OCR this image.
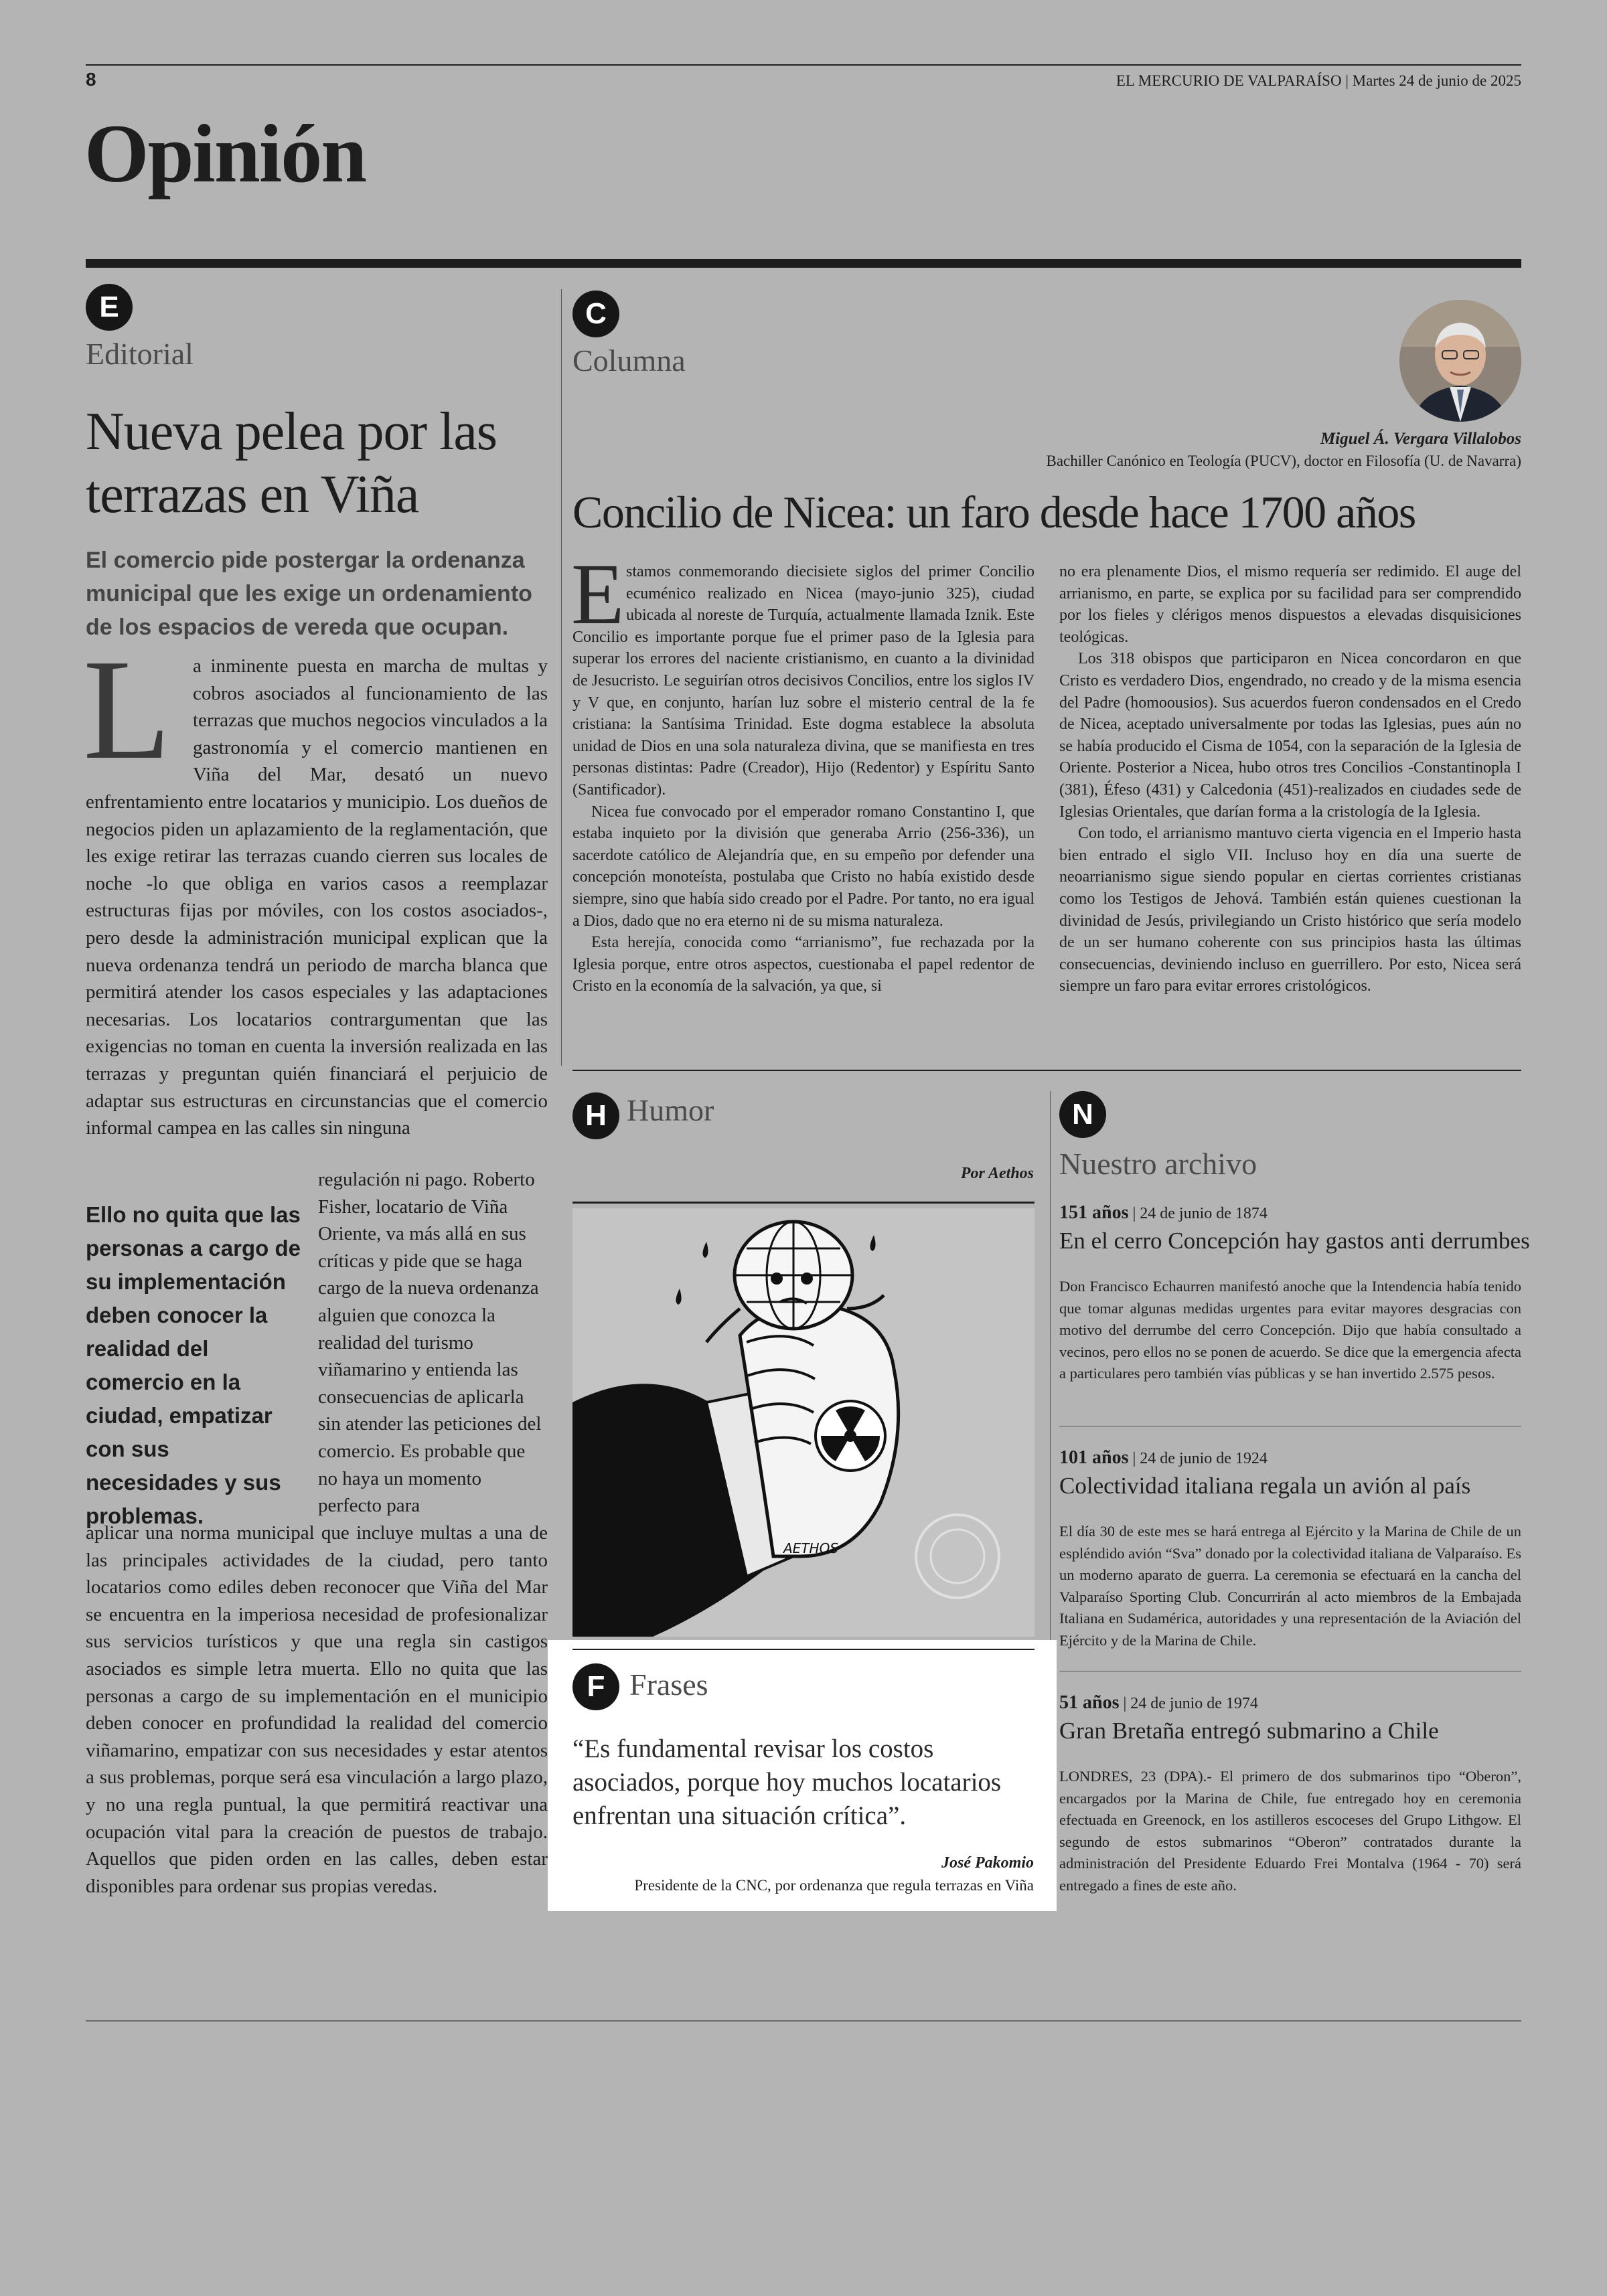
8	EL MERCURIO DE VALPARAÍSO | Martes 24 de junio de 2025
Opinión
E
Editorial
Nueva pelea por las terrazas en Viña
El comercio pide postergar la ordenanza municipal que les exige un ordenamiento de los espacios de vereda que ocupan.
L	a inminente puesta en marcha de multas y cobros asociados al funcionamiento de las terrazas que muchos negocios vinculados a la gastronomía y el comercio mantienen en Viña del Mar, desató un nuevo enfrentamiento entre locatarios y municipio. Los dueños de negocios piden un aplazamiento de la reglamentación, que les exige retirar las terrazas cuando cierren sus locales de noche -lo que obliga en varios casos a reemplazar estructuras fijas por móviles, con los costos asociados-, pero desde la administración municipal explican que la nueva ordenanza tendrá un periodo de marcha blanca que permitirá atender los casos especiales y las adaptaciones necesarias. Los locatarios contrargumentan que las exigencias no toman en cuenta la inversión realizada en las terrazas y preguntan quién financiará el perjuicio de adaptar sus estructuras en circunstancias que el comercio informal campea en las calles sin ninguna
Ello no quita que las personas a cargo de su implementación deben conocer la realidad del comercio en la ciudad, empatizar con sus necesidades y sus problemas.
regulación ni pago. Roberto Fisher, locatario de Viña Oriente, va más allá en sus críticas y pide que se haga cargo de la nueva ordenanza alguien que conozca la realidad del turismo viñamarino y entienda las consecuencias de aplicarla sin atender las peticiones del comercio. Es probable que no haya un momento perfecto para
aplicar una norma municipal que incluye multas a una de las principales actividades de la ciudad, pero tanto locatarios como ediles deben reconocer que Viña del Mar se encuentra en la imperiosa necesidad de profesionalizar sus servicios turísticos y que una regla sin castigos asociados es simple letra muerta. Ello no quita que las personas a cargo de su implementación en el municipio deben conocer en profundidad la realidad del comercio viñamarino, empatizar con sus necesidades y estar atentos a sus problemas, porque será esa vinculación a largo plazo, y no una regla puntual, la que permitirá reactivar una ocupación vital para la creación de puestos de trabajo. Aquellos que piden orden en las calles, deben estar disponibles para ordenar sus propias veredas.
C
Columna
Miguel Á. Vergara Villalobos
Bachiller Canónico en Teología (PUCV), doctor en Filosofía (U. de Navarra)
Concilio de Nicea: un faro desde hace 1700 años
E stamos conmemorando diecisiete siglos del primer Concilio ecuménico realizado en Nicea (mayo-junio 325), ciudad ubicada al noreste de Turquía, actualmente llamada Iznik. Este Concilio es importante porque fue el primer paso de la Iglesia para superar los errores del naciente cristianismo, en cuanto a la divinidad de Jesucristo. Le seguirían otros decisivos Concilios, entre los siglos IV y V que, en conjunto, harían luz sobre el misterio central de la fe cristiana: la Santísima Trinidad. Este dogma establece la absoluta unidad de Dios en una sola naturaleza divina, que se manifiesta en tres personas distintas: Padre (Creador), Hijo (Redentor) y Espíritu Santo (Santificador).

Nicea fue convocado por el emperador romano Constantino I, que estaba inquieto por la división que generaba Arrio (256-336), un sacerdote católico de Alejandría que, en su empeño por defender una concepción monoteísta, postulaba que Cristo no había existido desde siempre, sino que había sido creado por el Padre. Por tanto, no era igual a Dios, dado que no era eterno ni de su misma naturaleza.

Esta herejía, conocida como “arrianismo”, fue rechazada por la Iglesia porque, entre otros aspectos, cuestionaba el papel redentor de Cristo en la economía de la salvación, ya que, si

no era plenamente Dios, el mismo requería ser redimido. El auge del arrianismo, en parte, se explica por su facilidad para ser comprendido por los fieles y clérigos menos dispuestos a elevadas disquisiciones teológicas.

Los 318 obispos que participaron en Nicea concordaron en que Cristo es verdadero Dios, engendrado, no creado y de la misma esencia del Padre (homoousios). Sus acuerdos fueron condensados en el Credo de Nicea, aceptado universalmente por todas las Iglesias, pues aún no se había producido el Cisma de 1054, con la separación de la Iglesia de Oriente. Posterior a Nicea, hubo otros tres Concilios -Constantinopla I (381), Éfeso (431) y Calcedonia (451)-realizados en ciudades sede de Iglesias Orientales, que darían forma a la cristología de la Iglesia.

Con todo, el arrianismo mantuvo cierta vigencia en el Imperio hasta bien entrado el siglo VII. Incluso hoy en día una suerte de neoarrianismo sigue siendo popular en ciertas corrientes cristianas como los Testigos de Jehová. También están quienes cuestionan la divinidad de Jesús, privilegiando un Cristo histórico que sería modelo de un ser humano coherente con sus principios hasta las últimas consecuencias, deviniendo incluso en guerrillero. Por esto, Nicea será siempre un faro para evitar errores cristológicos.

H Humor
Por Aethos
AETHOS
F Frases
“Es fundamental revisar los costos asociados, porque hoy muchos locatarios enfrentan una situación crítica”.
José Pakomio
Presidente de la CNC, por ordenanza que regula terrazas en Viña
N
Nuestro archivo
151 años | 24 de junio de 1874
En el cerro Concepción hay gastos anti derrumbes
Don Francisco Echaurren manifestó anoche que la Intendencia había tenido que tomar algunas medidas urgentes para evitar mayores desgracias con motivo del derrumbe del cerro Concepción. Dijo que había consultado a vecinos, pero ellos no se ponen de acuerdo. Se dice que la emergencia afecta a particulares pero también vías públicas y se han invertido 2.575 pesos.
101 años | 24 de junio de 1924
Colectividad italiana regala un avión al país
El día 30 de este mes se hará entrega al Ejército y la Marina de Chile de un espléndido avión “Sva” donado por la colectividad italiana de Valparaíso. Es un moderno aparato de guerra. La ceremonia se efectuará en la cancha del Valparaíso Sporting Club. Concurrirán al acto miembros de la Embajada Italiana en Sudamérica, autoridades y una representación de la Aviación del Ejército y de la Marina de Chile.
51 años | 24 de junio de 1974
Gran Bretaña entregó submarino a Chile
LONDRES, 23 (DPA).- El primero de dos submarinos tipo “Oberon”, encargados por la Marina de Chile, fue entregado hoy en ceremonia efectuada en Greenock, en los astilleros escoceses del Grupo Lithgow. El segundo de estos submarinos “Oberon” contratados durante la administración del Presidente Eduardo Frei Montalva (1964 - 70) será entregado a fines de este año.
